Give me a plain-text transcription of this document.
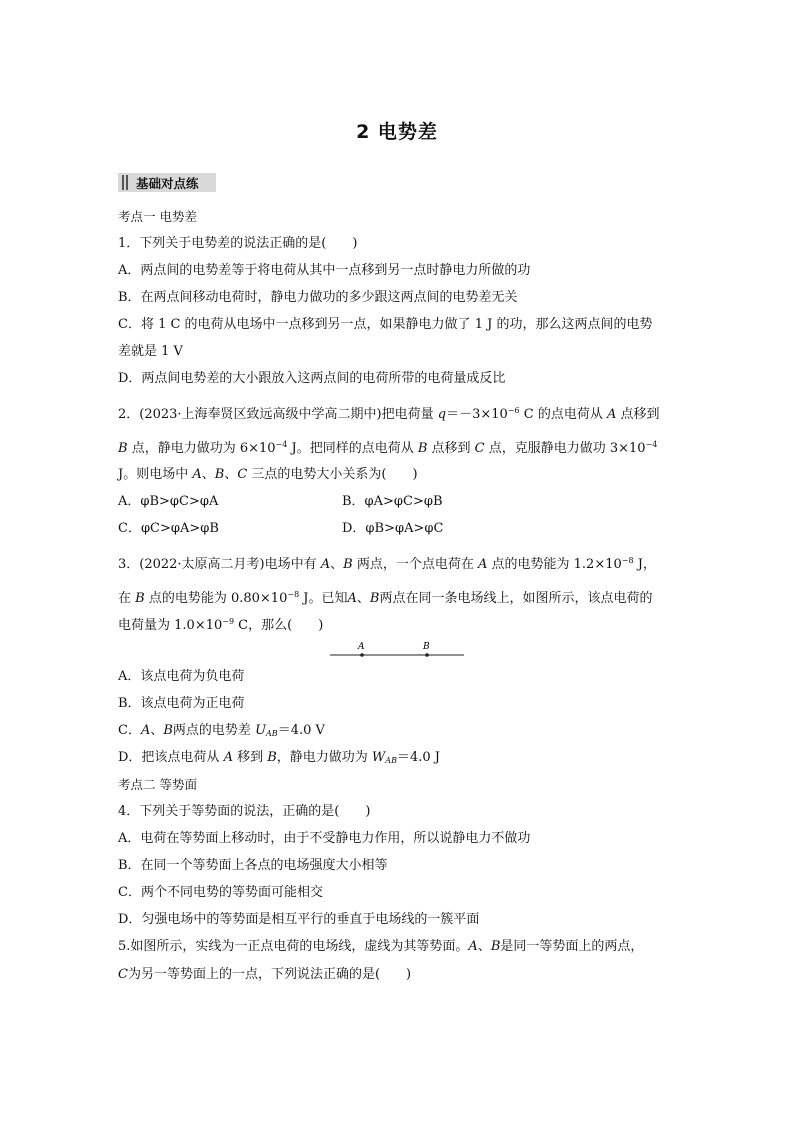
2 电势差
基础对点练
考点一 电势差
1．下列关于电势差的说法正确的是(　　)
A．两点间的电势差等于将电荷从其中一点移到另一点时静电力所做的功
B．在两点间移动电荷时，静电力做功的多少跟这两点间的电势差无关
C．将 1 C 的电荷从电场中一点移到另一点，如果静电力做了 1 J 的功，那么这两点间的电势
差就是 1 V
D．两点间电势差的大小跟放入这两点间的电荷所带的电荷量成反比
2．(2023·上海奉贤区致远高级中学高二期中)把电荷量 $q=-3\times 10^{-6}$ C 的点电荷从 A 点移到
B 点，静电力做功为 $6\times 10^{-4}$ J。把同样的点电荷从 B 点移到 C 点，克服静电力做功 $3\times 10^{-4}$
J。则电场中 A、B、C 三点的电势大小关系为(　　)
A．φB>φC>φA	B．φA>φC>φB
C．φC>φA>φB	D．φB>φA>φC
3．(2022·太原高二月考)电场中有 A、B 两点，一个点电荷在 A 点的电势能为 $1.2\times 10^{-8}$ J，
在 B 点的电势能为 $0.80\times 10^{-8}$ J。已知A、B两点在同一条电场线上，如图所示，该点电荷的
电荷量为 $1.0\times 10^{-9}$ C，那么(　　)
A	B
A．该点电荷为负电荷
B．该点电荷为正电荷
C．A、B两点的电势差 $U_{AB}=4.0$ V
D．把该点电荷从 A 移到 B，静电力做功为 $W_{AB}=4.0$ J
考点二 等势面
4．下列关于等势面的说法，正确的是(　　)
A．电荷在等势面上移动时，由于不受静电力作用，所以说静电力不做功
B．在同一个等势面上各点的电场强度大小相等
C．两个不同电势的等势面可能相交
D．匀强电场中的等势面是相互平行的垂直于电场线的一簇平面
5.如图所示，实线为一正点电荷的电场线，虚线为其等势面。A、B是同一等势面上的两点，
C为另一等势面上的一点，下列说法正确的是(　　)
